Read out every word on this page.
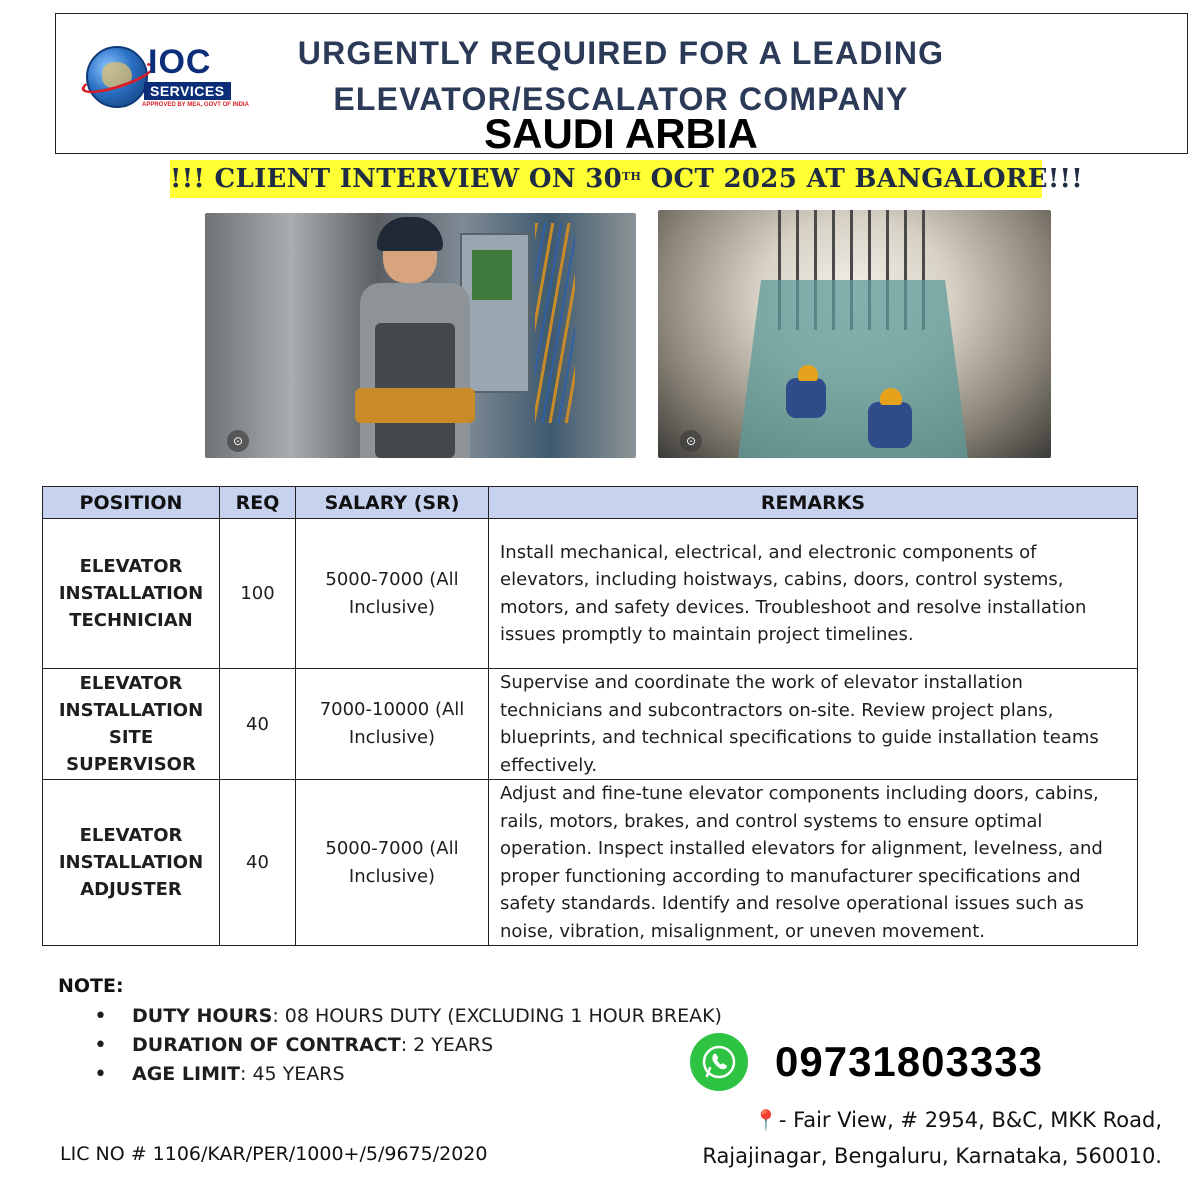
IOC
SERVICES
APPROVED BY MEA, GOVT OF INDIA
URGENTLY REQUIRED FOR A LEADING
ELEVATOR/ESCALATOR COMPANY
SAUDI ARBIA
!!! CLIENT INTERVIEW ON 30TH OCT 2025 AT BANGALORE!!!
⊙	⊙
POSITION	REQ	SALARY (SR)	REMARKS
ELEVATOR INSTALLATION TECHNICIAN	100	5000-7000 (All Inclusive)	Install mechanical, electrical, and electronic components of elevators, including hoistways, cabins, doors, control systems, motors, and safety devices. Troubleshoot and resolve installation issues promptly to maintain project timelines.
ELEVATOR INSTALLATION SITE SUPERVISOR	40	7000-10000 (All Inclusive)	Supervise and coordinate the work of elevator installation technicians and subcontractors on-site. Review project plans, blueprints, and technical specifications to guide installation teams effectively.
ELEVATOR INSTALLATION ADJUSTER	40	5000-7000 (All Inclusive)	Adjust and fine-tune elevator components including doors, cabins, rails, motors, brakes, and control systems to ensure optimal operation. Inspect installed elevators for alignment, levelness, and proper functioning according to manufacturer specifications and safety standards. Identify and resolve operational issues such as noise, vibration, misalignment, or uneven movement.
NOTE:
• DUTY HOURS: 08 HOURS DUTY (EXCLUDING 1 HOUR BREAK)
• DURATION OF CONTRACT: 2 YEARS
• AGE LIMIT: 45 YEARS	09731803333
📍- Fair View, # 2954, B&C, MKK Road,
Rajajinagar, Bengaluru, Karnataka, 560010.
LIC NO # 1106/KAR/PER/1000+/5/9675/2020
